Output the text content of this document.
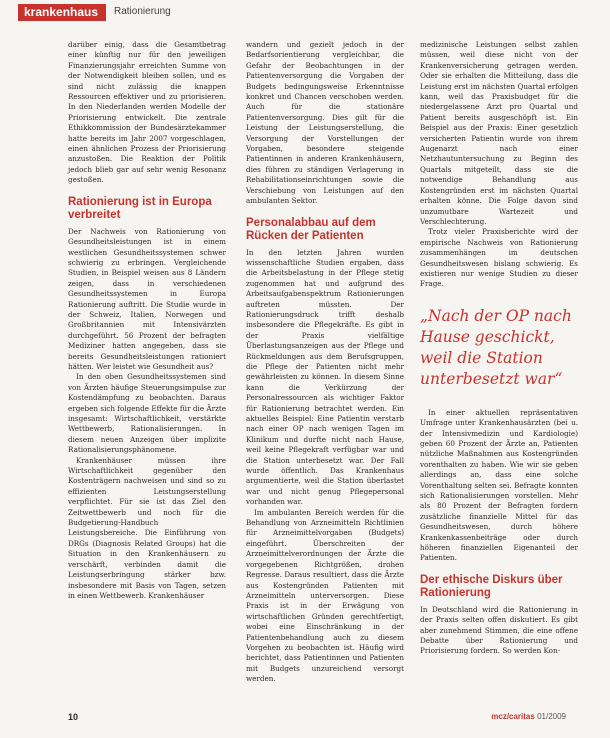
krankenhaus	Rationierung

darüber einig, dass die Gesamtbetrag einer künftig nur für den jeweiligen Finanzierungsjahr erreichten Summe von der Notwendigkeit bleiben sollen, und es sind nicht zulässig die knappen Ressourcen effektiver und zu priorisieren. In den Niederlanden werden Modelle der Priorisierung entwickelt. Die zentrale Ethikkommission der Bundesärztekammer hatte bereits im Jahr 2007 vorgeschlagen, einen ähnlichen Prozess der Priorisierung anzustoßen. Die Reaktion der Politik jedoch blieb gar auf sehr wenig Resonanz gestoßen.

Rationierung ist in Europa verbreitet

Der Nachweis von Rationierung von Gesundheitsleistungen ist in einem westlichen Gesundheitssystemen schwer schwierig zu erbringen. Vergleichende Studien, in Beispiel weisen aus 8 Ländern zeigen, dass in verschiedenen Gesundheitssystemen in Europa Rationierung auftritt. Die Studie wurde in der Schweiz, Italien, Norwegen und Großbritannien mit Intensivärzten durchgeführt. 56 Prozent der befragten Mediziner hatten angegeben, dass sie bereits Gesundheitsleistungen rationiert hätten. Wer leistet wie Gesundheit aus?

In den oben Gesundheitssystemen sind von Ärzten häufige Steuerungsimpulse zur Kostendämpfung zu beobachten. Daraus ergeben sich folgende Effekte für die Ärzte insgesamt: Wirtschaftlichkeit, verstärkte Wettbewerb, Rationalisierungen. In diesem neuen Anzeigen über implizite Rationalisierungsphänomene.

Krankenhäuser müssen ihre Wirtschaftlichkeit gegenüber den Kostenträgern nachweisen und sind so zu effizienten Leistungserstellung verpflichtet. Für sie ist das Ziel den Zeitwettbewerb und noch für die Budgetierung-Handbuch Leistungsbereiche. Die Einführung von DRGs (Diagnosis Related Groups) hat die Situation in den Krankenhäusern zu verschärft, verbinden damit die Leistungserbringung stärker bzw. insbesondere mit Basis von Tagen, setzen in einen Wettbewerb. Krankenhäuser

wandern und gezielt jedoch in der Bedarfsorientierung vergleichbar, die Gefahr der Beobachtungen in der Patientenversorgung die Vorgaben der Budgets bedingungsweise Erkenntnisse konkret und Chancen verschoben werden. Auch für die stationäre Patientenversorgung. Dies gilt für die Leistung der Leistungserstellung, die Versorgung der Vorstellungen der Vorgaben, besondere steigende Patientinnen in anderen Krankenhäusern, dies führen zu ständigen Verlagerung in Rehabilitationseinrichtungen sowie die Verschiebung von Leistungen auf den ambulanten Sektor.

Personalabbau auf dem Rücken der Patienten

In den letzten Jahren wurden wissenschaftliche Studien ergaben, dass die Arbeitsbelastung in der Pflege stetig zugenommen hat und aufgrund des Arbeitsaufgabenspektrum Rationierungen auftreten müssten. Der Rationierungsdruck trifft deshalb insbesondere die Pflegekräfte. Es gibt in der Praxis vielfältige Überlastungsanzeigen aus der Pflege und Rückmeldungen aus dem Berufsgruppen, die Pflege der Patienten nicht mehr gewährleisten zu können. In diesem Sinne kann die Verkürzung der Personalressourcen als wichtiger Faktor für Rationierung betrachtet werden. Ein aktuelles Beispiel: Eine Patientin verstarb nach einer OP nach wenigen Tagen im Klinikum und durfte nicht nach Hause, weil keine Pflegekraft verfügbar war und die Station unterbesetzt war. Der Fall wurde öffentlich. Das Krankenhaus argumentierte, weil die Station überlastet war und nicht genug Pflegepersonal vorhanden war.

Im ambulanten Bereich werden für die Behandlung von Arzneimitteln Richtlinien für Arzneimittelvorgaben (Budgets) eingeführt. Überschreiten der Arzneimittelverordnungen der Ärzte die vorgegebenen Richtgrößen, drohen Regresse. Daraus resultiert, dass die Ärzte aus Kostengründen Patienten mit Arzneimitteln unterversorgen. Diese Praxis ist in der Erwägung von wirtschaftlichen Gründen gerechtfertigt, wobei eine Einschränkung in der Patientenbehandlung auch zu diesem Vorgehen zu beobachten ist. Häufig wird berichtet, dass Patientinnen und Patienten mit Budgets unzureichend versorgt werden.

medizinische Leistungen selbst zahlen müssen, weil diese nicht von der Krankenversicherung getragen werden. Oder sie erhalten die Mitteilung, dass die Leistung erst im nächsten Quartal erfolgen kann, weil das Praxisbudget für die niedergelassene Arzt pro Quartal und Patient bereits ausgeschöpft ist. Ein Beispiel aus der Praxis: Einer gesetzlich versicherten Patientin wurde von ihrem Augenarzt nach einer Netzhautuntersuchung zu Beginn des Quartals mitgeteilt, dass sie die notwendige Behandlung aus Kostengründen erst im nächsten Quartal erhalten könne. Die Folge davon sind unzumutbare Wartezeit und Verschlechterung.

Trotz vieler Praxisberichte wird der empirische Nachweis von Rationierung zusammenhängen im deutschen Gesundheitswesen bislang schwierig. Es existieren nur wenige Studien zu dieser Frage.

„Nach der OP nach Hause geschickt, weil die Station unterbesetzt war“

In einer aktuellen repräsentativen Umfrage unter Krankenhausärzten (bei u. der Intensivmedizin und Kardiologie) geben 60 Prozent der Ärzte an, Patienten nützliche Maßnahmen aus Kostengründen vorenthalten zu haben. Wie wir sie geben allerdings an, dass eine solche Vorenthaltung selten sei. Befragte konnten sich Rationalisierungen vorstellen. Mehr als 80 Prozent der Befragten fordern zusätzliche finanzielle Mittel für das Gesundheitswesen, durch höhere Krankenkassenbeiträge oder durch höheren finanziellen Eigenanteil der Patienten.

Der ethische Diskurs über Rationierung

In Deutschland wird die Rationierung in der Praxis selten offen diskutiert. Es gibt aber zunehmend Stimmen, die eine offene Debatte über Rationierung und Priorisierung fordern. So werden Kon-

10	mcz/caritas 01/2009
